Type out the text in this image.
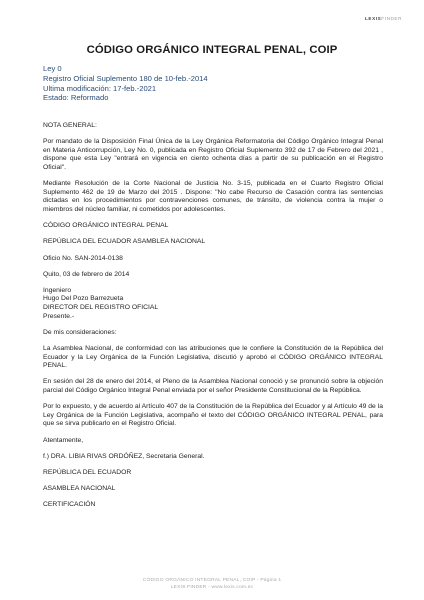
LEXISFINDER
CÓDIGO ORGÁNICO INTEGRAL PENAL, COIP
Ley 0
Registro Oficial Suplemento 180 de 10-feb.-2014
Ultima modificación: 17-feb.-2021
Estado: Reformado

NOTA GENERAL:

Por mandato de la Disposición Final Única de la Ley Orgánica Reformatoria del Código Orgánico Integral Penal en Materia Anticorrupción, Ley No. 0, publicada en Registro Oficial Suplemento 392 de 17 de Febrero del 2021 , dispone que esta Ley "entrará en vigencia en ciento ochenta días a partir de su publicación en el Registro Oficial".

Mediante Resolución de la Corte Nacional de Justicia No. 3-15, publicada en el Cuarto Registro Oficial Suplemento 462 de 19 de Marzo del 2015 . Dispone: "No cabe Recurso de Casación contra las sentencias dictadas en los procedimientos por contravenciones comunes, de tránsito, de violencia contra la mujer o miembros del núcleo familiar, ni cometidos por adolescentes.

CÓDIGO ORGÁNICO INTEGRAL PENAL

REPÚBLICA DEL ECUADOR ASAMBLEA NACIONAL

Oficio No. SAN-2014-0138

Quito, 03 de febrero de 2014

Ingeniero
Hugo Del Pozo Barrezueta
DIRECTOR DEL REGISTRO OFICIAL
Presente.-

De mis consideraciones:

La Asamblea Nacional, de conformidad con las atribuciones que le confiere la Constitución de la República del Ecuador y la Ley Orgánica de la Función Legislativa, discutió y aprobó el CÓDIGO ORGÁNICO INTEGRAL PENAL.

En sesión del 28 de enero del 2014, el Pleno de la Asamblea Nacional conoció y se pronunció sobre la objeción parcial del Código Orgánico Integral Penal enviada por el señor Presidente Constitucional de la República.

Por lo expuesto, y de acuerdo al Artículo 407 de la Constitución de la República del Ecuador y al Artículo 49 de la Ley Orgánica de la Función Legislativa, acompaño el texto del CÓDIGO ORGÁNICO INTEGRAL PENAL, para que se sirva publicarlo en el Registro Oficial.

Atentamente,

f.) DRA. LIBIA RIVAS ORDÓÑEZ, Secretaria General.

REPÚBLICA DEL ECUADOR

ASAMBLEA NACIONAL

CERTIFICACIÓN

CÓDIGO ORGÁNICO INTEGRAL PENAL, COIP - Página 1
LEXIS FINDER - www.lexis.com.ec
